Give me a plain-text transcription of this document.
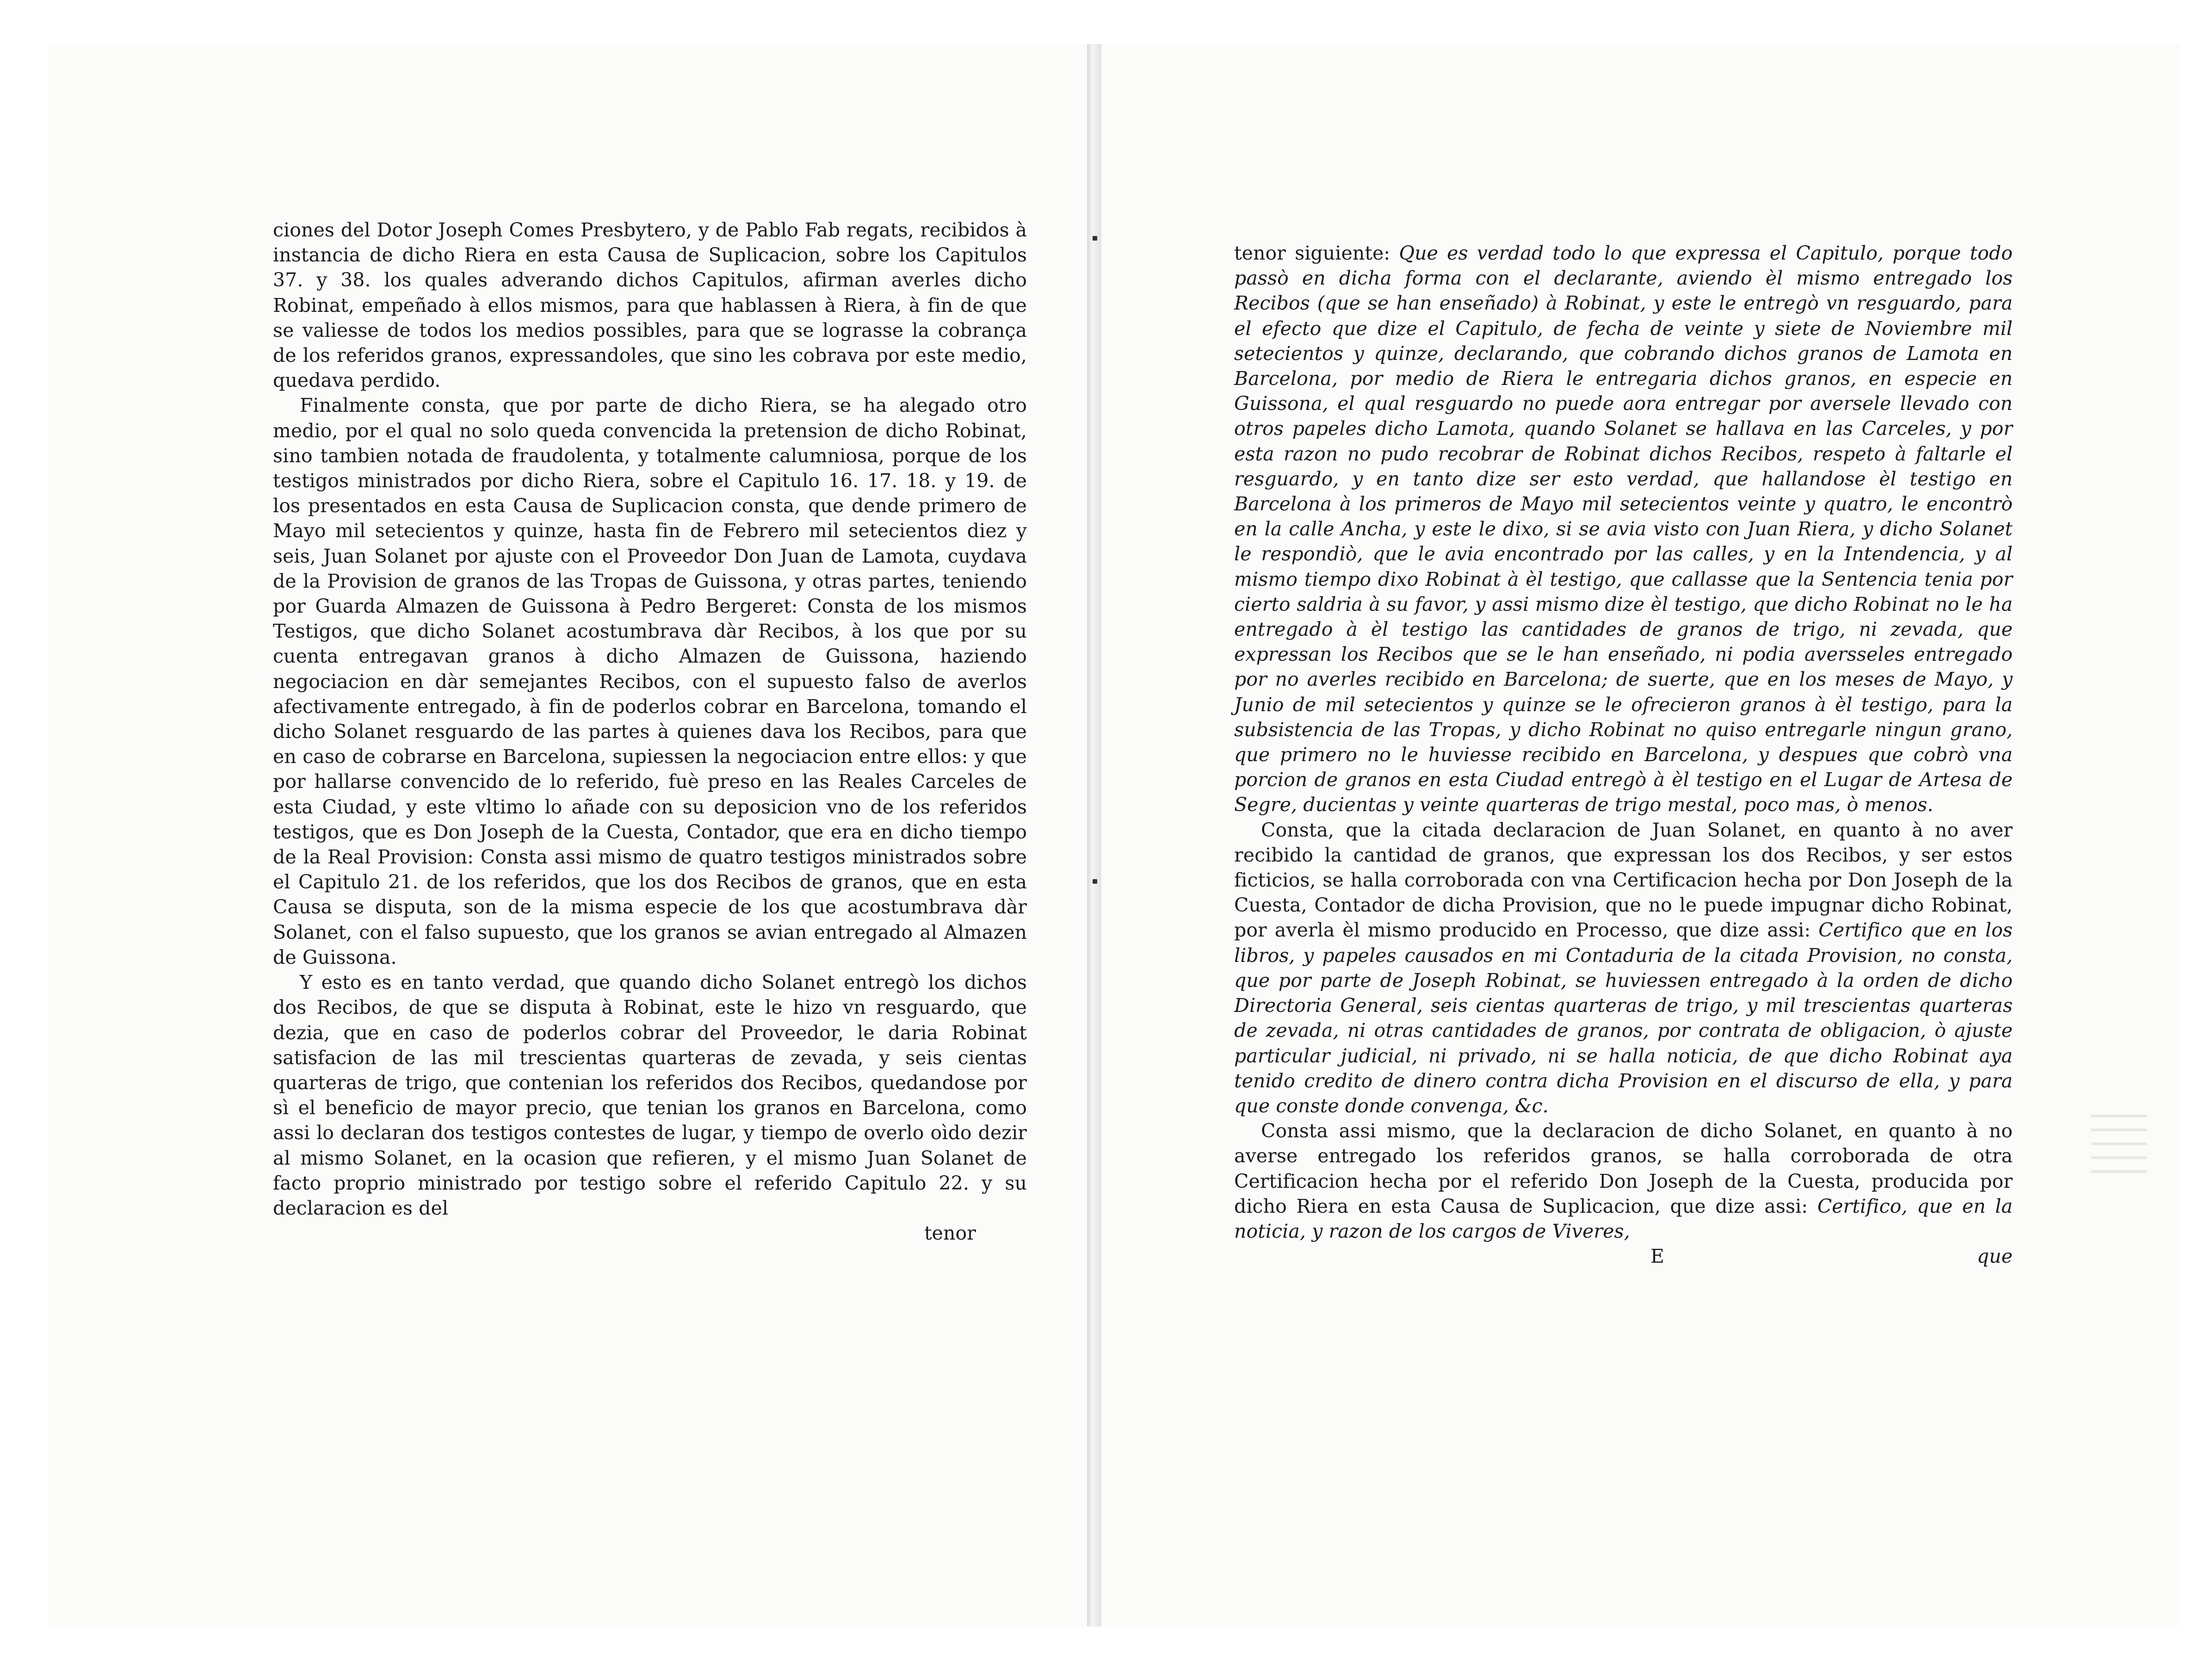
ciones del Dotor Joseph Comes Presbytero, y de Pablo Fab regats, recibidos à instancia de dicho Riera en esta Causa de Suplicacion, sobre los Capitulos 37. y 38. los quales adverando dichos Capitulos, afirman averles dicho Robinat, empeñado à ellos mismos, para que hablassen à Riera, à fin de que se valiesse de todos los medios possibles, para que se lograsse la cobrança de los referidos granos, expressandoles, que sino les cobrava por este medio, quedava perdido.

Finalmente consta, que por parte de dicho Riera, se ha alegado otro medio, por el qual no solo queda convencida la pretension de dicho Robinat, sino tambien notada de fraudolenta, y totalmente calumniosa, porque de los testigos ministrados por dicho Riera, sobre el Capitulo 16. 17. 18. y 19. de los presentados en esta Causa de Suplicacion consta, que dende primero de Mayo mil setecientos y quinze, hasta fin de Febrero mil setecientos diez y seis, Juan Solanet por ajuste con el Proveedor Don Juan de Lamota, cuydava de la Provision de granos de las Tropas de Guissona, y otras partes, teniendo por Guarda Almazen de Guissona à Pedro Bergeret: Consta de los mismos Testigos, que dicho Solanet acostumbrava dàr Recibos, à los que por su cuenta entregavan granos à dicho Almazen de Guissona, haziendo negociacion en dàr semejantes Recibos, con el supuesto falso de averlos afectivamente entregado, à fin de poderlos cobrar en Barcelona, tomando el dicho Solanet resguardo de las partes à quienes dava los Recibos, para que en caso de cobrarse en Barcelona, supiessen la negociacion entre ellos: y que por hallarse convencido de lo referido, fuè preso en las Reales Carceles de esta Ciudad, y este vltimo lo añade con su deposicion vno de los referidos testigos, que es Don Joseph de la Cuesta, Contador, que era en dicho tiempo de la Real Provision: Consta assi mismo de quatro testigos ministrados sobre el Capitulo 21. de los referidos, que los dos Recibos de granos, que en esta Causa se disputa, son de la misma especie de los que acostumbrava dàr Solanet, con el falso supuesto, que los granos se avian entregado al Almazen de Guissona.

Y esto es en tanto verdad, que quando dicho Solanet entregò los dichos dos Recibos, de que se disputa à Robinat, este le hizo vn resguardo, que dezia, que en caso de poderlos cobrar del Proveedor, le daria Robinat satisfacion de las mil trescientas quarteras de zevada, y seis cientas quarteras de trigo, que contenian los referidos dos Recibos, quedandose por sì el beneficio de mayor precio, que tenian los granos en Barcelona, como assi lo declaran dos testigos contestes de lugar, y tiempo de overlo oìdo dezir al mismo Solanet, en la ocasion que refieren, y el mismo Juan Solanet de facto proprio ministrado por testigo sobre el referido Capitulo 22. y su declaracion es del

tenor

tenor siguiente: Que es verdad todo lo que expressa el Capitulo, porque todo passò en dicha forma con el declarante, aviendo èl mismo entregado los Recibos (que se han enseñado) à Robinat, y este le entregò vn resguardo, para el efecto que dize el Capitulo, de fecha de veinte y siete de Noviembre mil setecientos y quinze, declarando, que cobrando dichos granos de Lamota en Barcelona, por medio de Riera le entregaria dichos granos, en especie en Guissona, el qual resguardo no puede aora entregar por aversele llevado con otros papeles dicho Lamota, quando Solanet se hallava en las Carceles, y por esta razon no pudo recobrar de Robinat dichos Recibos, respeto à faltarle el resguardo, y en tanto dize ser esto verdad, que hallandose èl testigo en Barcelona à los primeros de Mayo mil setecientos veinte y quatro, le encontrò en la calle Ancha, y este le dixo, si se avia visto con Juan Riera, y dicho Solanet le respondiò, que le avia encontrado por las calles, y en la Intendencia, y al mismo tiempo dixo Robinat à èl testigo, que callasse que la Sentencia tenia por cierto saldria à su favor, y assi mismo dize èl testigo, que dicho Robinat no le ha entregado à èl testigo las cantidades de granos de trigo, ni zevada, que expressan los Recibos que se le han enseñado, ni podia aversseles entregado por no averles recibido en Barcelona; de suerte, que en los meses de Mayo, y Junio de mil setecientos y quinze se le ofrecieron granos à èl testigo, para la subsistencia de las Tropas, y dicho Robinat no quiso entregarle ningun grano, que primero no le huviesse recibido en Barcelona, y despues que cobrò vna porcion de granos en esta Ciudad entregò à èl testigo en el Lugar de Artesa de Segre, ducientas y veinte quarteras de trigo mestal, poco mas, ò menos.

Consta, que la citada declaracion de Juan Solanet, en quanto à no aver recibido la cantidad de granos, que expressan los dos Recibos, y ser estos ficticios, se halla corroborada con vna Certificacion hecha por Don Joseph de la Cuesta, Contador de dicha Provision, que no le puede impugnar dicho Robinat, por averla èl mismo producido en Processo, que dize assi: Certifico que en los libros, y papeles causados en mi Contaduria de la citada Provision, no consta, que por parte de Joseph Robinat, se huviessen entregado à la orden de dicho Directoria General, seis cientas quarteras de trigo, y mil trescientas quarteras de zevada, ni otras cantidades de granos, por contrata de obligacion, ò ajuste particular judicial, ni privado, ni se halla noticia, de que dicho Robinat aya tenido credito de dinero contra dicha Provision en el discurso de ella, y para que conste donde convenga, &c.

Consta assi mismo, que la declaracion de dicho Solanet, en quanto à no averse entregado los referidos granos, se halla corroborada de otra Certificacion hecha por el referido Don Joseph de la Cuesta, producida por dicho Riera en esta Causa de Suplicacion, que dize assi: Certifico, que en la noticia, y razon de los cargos de Viveres,

E	que
